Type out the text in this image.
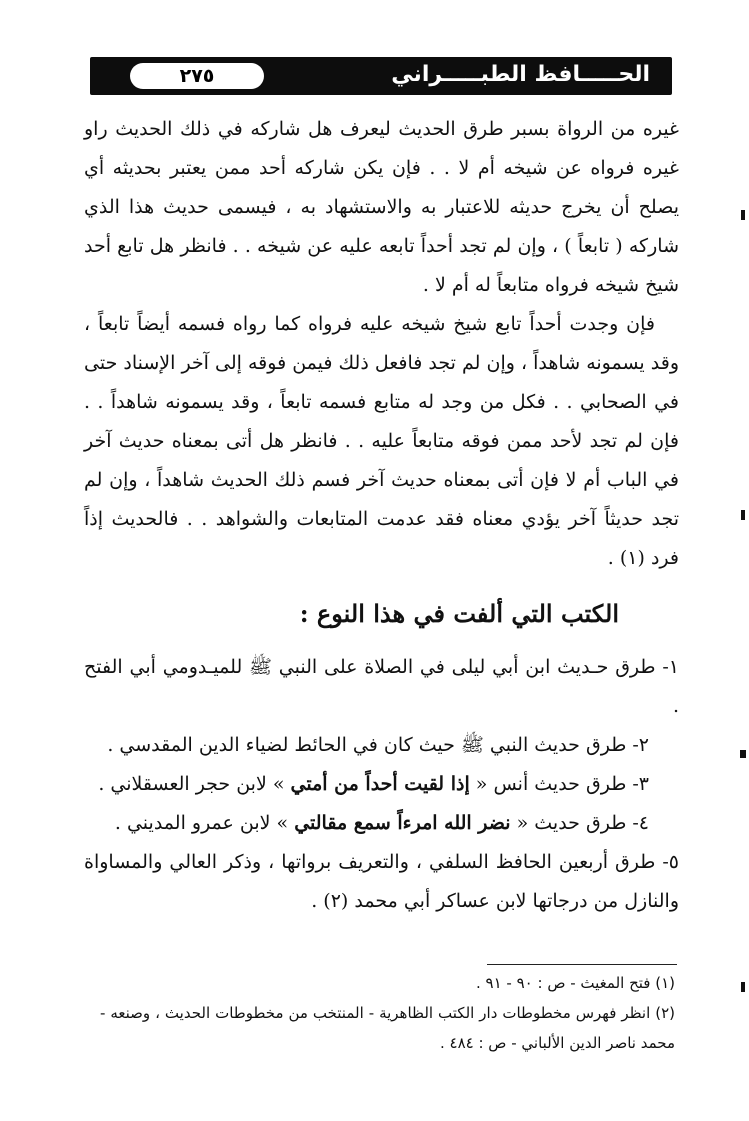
٢٧٥	الحـــــافظ الطبـــــراني

غيره من الرواة بسبر طرق الحديث ليعرف هل شاركه في ذلك الحديث راو غيره فرواه عن شيخه أم لا . . فإن يكن شاركه أحد ممن يعتبر بحديثه أي يصلح أن يخرج حديثه للاعتبار به والاستشهاد به ، فيسمى حديث هذا الذي شاركه ( تابعاً ) ، وإن لم تجد أحداً تابعه عليه عن شيخه . . فانظر هل تابع أحد شيخ شيخه فرواه متابعاً له أم لا .

فإن وجدت أحداً تابع شيخ شيخه عليه فرواه كما رواه فسمه أيضاً تابعاً ، وقد يسمونه شاهداً ، وإن لم تجد فافعل ذلك فيمن فوقه إلى آخر الإسناد حتى في الصحابي . . فكل من وجد له متابع فسمه تابعاً ، وقد يسمونه شاهداً . . فإن لم تجد لأحد ممن فوقه متابعاً عليه . . فانظر هل أتى بمعناه حديث آخر في الباب أم لا فإن أتى بمعناه حديث آخر فسم ذلك الحديث شاهداً ، وإن لم تجد حديثاً آخر يؤدي معناه فقد عدمت المتابعات والشواهد . . فالحديث إذاً فرد (١) .

الكتب التي ألفت في هذا النوع :

١- طرق حـديث ابن أبي ليلى في الصلاة على النبي ﷺ للميـدومي أبي الفتح .

٢- طرق حديث النبي ﷺ حيث كان في الحائط لضياء الدين المقدسي .

٣- طرق حديث أنس « إذا لقيت أحداً من أمتي » لابن حجر العسقلاني .

٤- طرق حديث « نضر الله امرءاً سمع مقالتي » لابن عمرو المديني .

٥- طرق أربعين الحافظ السلفي ، والتعريف برواتها ، وذكر العالي والمساواة والنازل من درجاتها لابن عساكر أبي محمد (٢) .

(١) فتح المغيث - ص : ٩٠ - ٩١ .

(٢) انظر فهرس مخطوطات دار الكتب الظاهرية - المنتخب من مخطوطات الحديث ، وصنعه - محمد ناصر الدين الألباني - ص : ٤٨٤ .
